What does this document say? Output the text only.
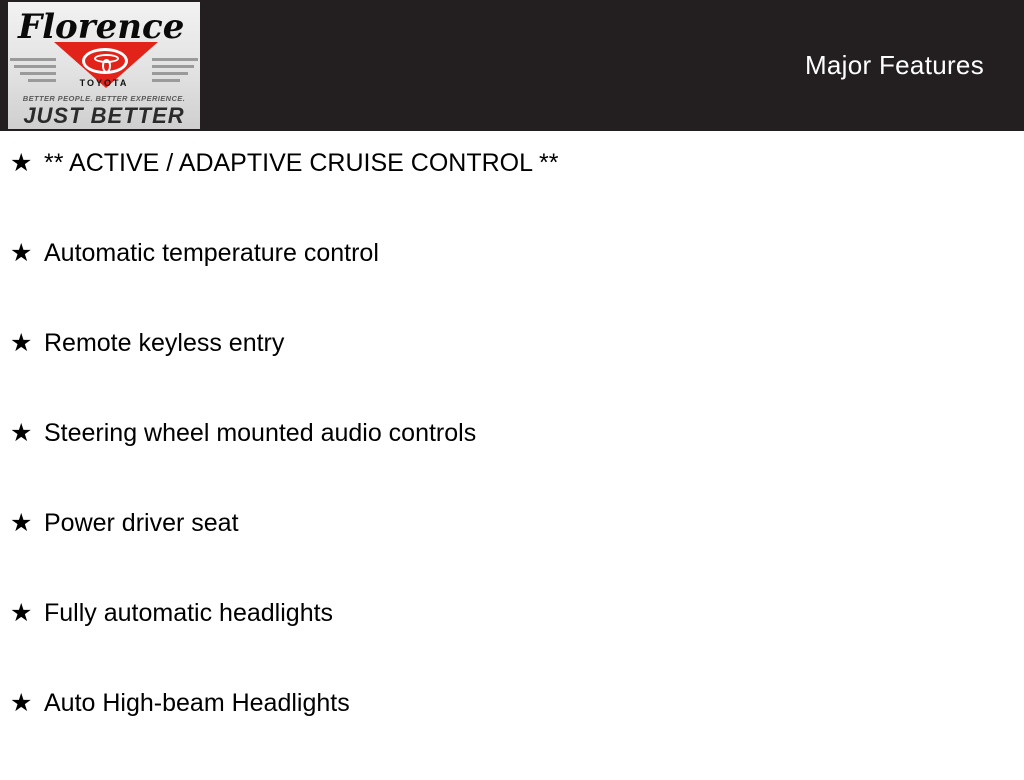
Florence
TOYOTA
BETTER PEOPLE. BETTER EXPERIENCE.
JUST BETTER
Major Features
★ ** ACTIVE / ADAPTIVE CRUISE CONTROL **
★ Automatic temperature control
★ Remote keyless entry
★ Steering wheel mounted audio controls
★ Power driver seat
★ Fully automatic headlights
★ Auto High-beam Headlights
